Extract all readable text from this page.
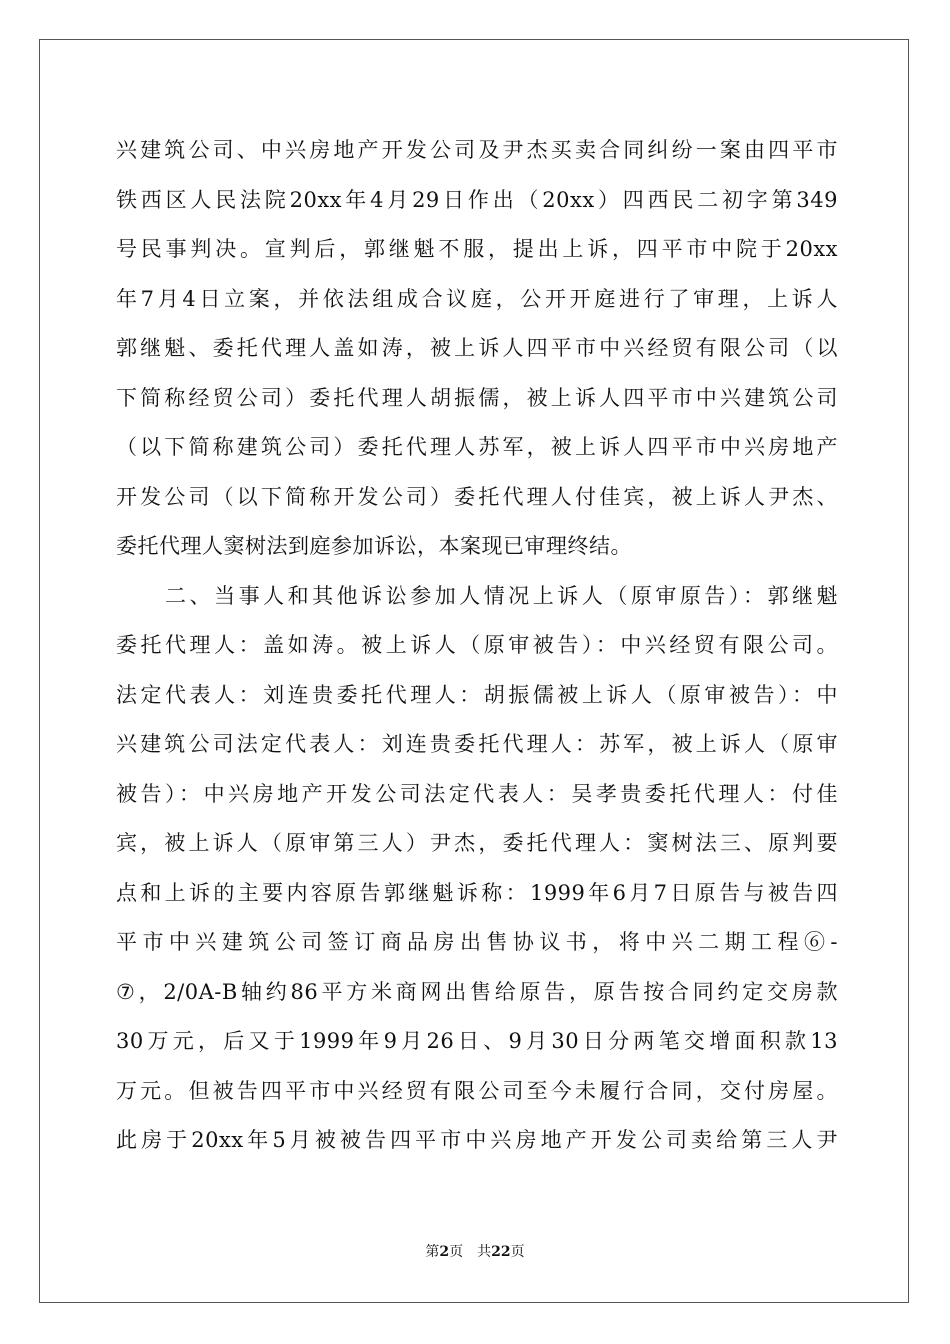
兴建筑公司、中兴房地产开发公司及尹杰买卖合同纠纷一案由四平市
铁西区人民法院20xx年4月29日作出（20xx）四西民二初字第349
号民事判决。宣判后，郭继魁不服，提出上诉，四平市中院于20xx
年7月4日立案，并依法组成合议庭，公开开庭进行了审理，上诉人
郭继魁、委托代理人盖如涛，被上诉人四平市中兴经贸有限公司（以
下简称经贸公司）委托代理人胡振儒，被上诉人四平市中兴建筑公司
（以下简称建筑公司）委托代理人苏军，被上诉人四平市中兴房地产
开发公司（以下简称开发公司）委托代理人付佳宾，被上诉人尹杰、
委托代理人窦树法到庭参加诉讼，本案现已审理终结。
　　二、当事人和其他诉讼参加人情况上诉人（原审原告）：郭继魁
委托代理人：盖如涛。被上诉人（原审被告）：中兴经贸有限公司。
法定代表人：刘连贵委托代理人：胡振儒被上诉人（原审被告）：中
兴建筑公司法定代表人：刘连贵委托代理人：苏军，被上诉人（原审
被告）：中兴房地产开发公司法定代表人：吴孝贵委托代理人：付佳
宾，被上诉人（原审第三人）尹杰，委托代理人：窦树法三、原判要
点和上诉的主要内容原告郭继魁诉称：1999年6月7日原告与被告四
平市中兴建筑公司签订商品房出售协议书，将中兴二期工程⑥-
⑦，2/0A-B轴约86平方米商网出售给原告，原告按合同约定交房款
30万元，后又于1999年9月26日、9月30日分两笔交增面积款13
万元。但被告四平市中兴经贸有限公司至今未履行合同，交付房屋。
此房于20xx年5月被被告四平市中兴房地产开发公司卖给第三人尹
第2页 共22页
